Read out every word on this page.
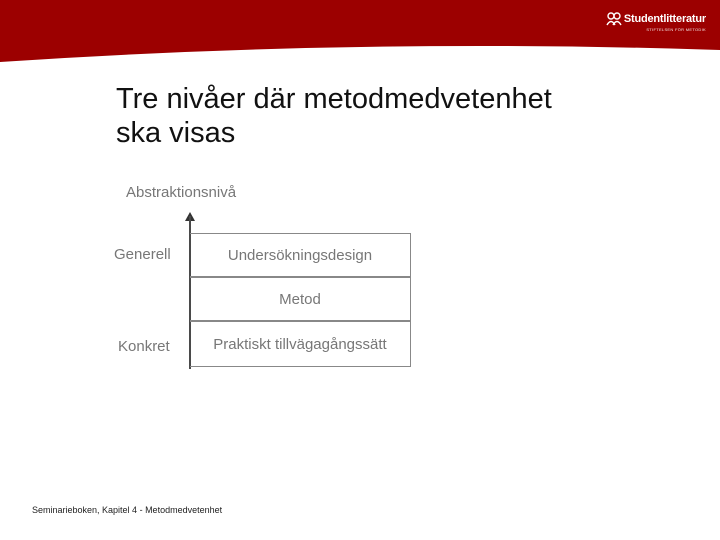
Studentlitteratur
STIFTELSEN FÖR METODIK
Tre nivåer där metodmedvetenhet
ska visas
Abstraktionsnivå
Generell
Konkret
Undersökningsdesign
Metod
Praktiskt tillvägagångssätt
Seminarieboken, Kapitel 4 - Metodmedvetenhet
